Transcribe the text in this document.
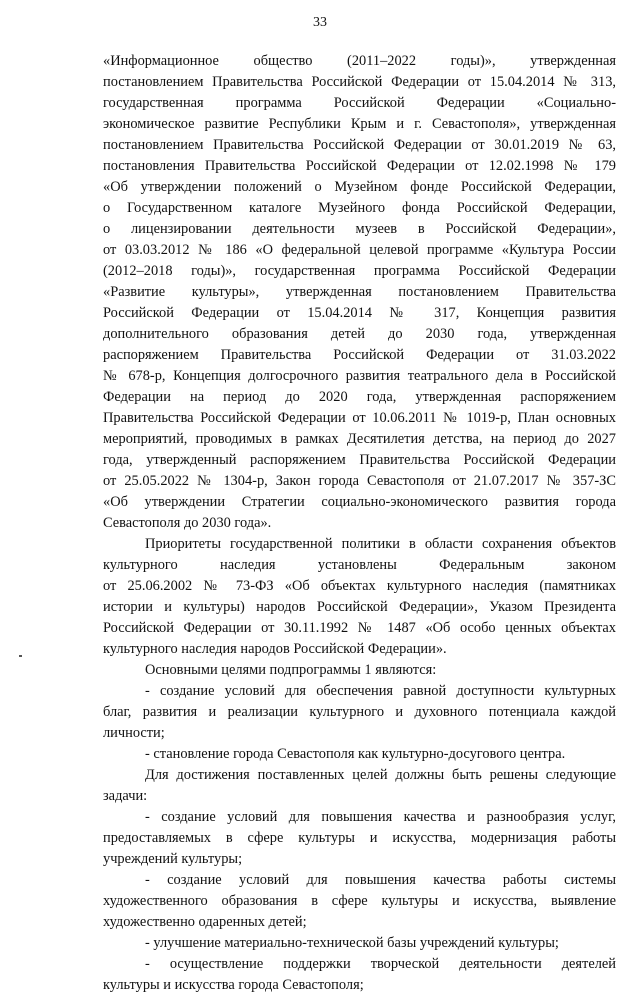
33
«Информационное общество (2011–2022 годы)», утвержденная
постановлением Правительства Российской Федерации от 15.04.2014 № 313,
государственная программа Российской Федерации «Социально-
экономическое развитие Республики Крым и г. Севастополя», утвержденная
постановлением Правительства Российской Федерации от 30.01.2019 № 63,
постановления Правительства Российской Федерации от 12.02.1998 № 179
«Об утверждении положений о Музейном фонде Российской Федерации,
о Государственном каталоге Музейного фонда Российской Федерации,
о лицензировании деятельности музеев в Российской Федерации»,
от 03.03.2012 № 186 «О федеральной целевой программе «Культура России
(2012–2018 годы)», государственная программа Российской Федерации
«Развитие культуры», утвержденная постановлением Правительства
Российской Федерации от 15.04.2014 № 317, Концепция развития
дополнительного образования детей до 2030 года, утвержденная
распоряжением Правительства Российской Федерации от 31.03.2022
№ 678-р, Концепция долгосрочного развития театрального дела в Российской
Федерации на период до 2020 года, утвержденная распоряжением
Правительства Российской Федерации от 10.06.2011 № 1019-р, План основных
мероприятий, проводимых в рамках Десятилетия детства, на период до 2027
года, утвержденный распоряжением Правительства Российской Федерации
от 25.05.2022 № 1304-р, Закон города Севастополя от 21.07.2017 № 357-ЗС
«Об утверждении Стратегии социально-экономического развития города
Севастополя до 2030 года».
Приоритеты государственной политики в области сохранения объектов
культурного наследия установлены Федеральным законом
от 25.06.2002 № 73-ФЗ «Об объектах культурного наследия (памятниках
истории и культуры) народов Российской Федерации», Указом Президента
Российской Федерации от 30.11.1992 № 1487 «Об особо ценных объектах
культурного наследия народов Российской Федерации».
Основными целями подпрограммы 1 являются:
- создание условий для обеспечения равной доступности культурных
благ, развития и реализации культурного и духовного потенциала каждой
личности;
- становление города Севастополя как культурно-досугового центра.
Для достижения поставленных целей должны быть решены следующие
задачи:
- создание условий для повышения качества и разнообразия услуг,
предоставляемых в сфере культуры и искусства, модернизация работы
учреждений культуры;
- создание условий для повышения качества работы системы
художественного образования в сфере культуры и искусства, выявление
художественно одаренных детей;
- улучшение материально-технической базы учреждений культуры;
- осуществление поддержки творческой деятельности деятелей
культуры и искусства города Севастополя;
